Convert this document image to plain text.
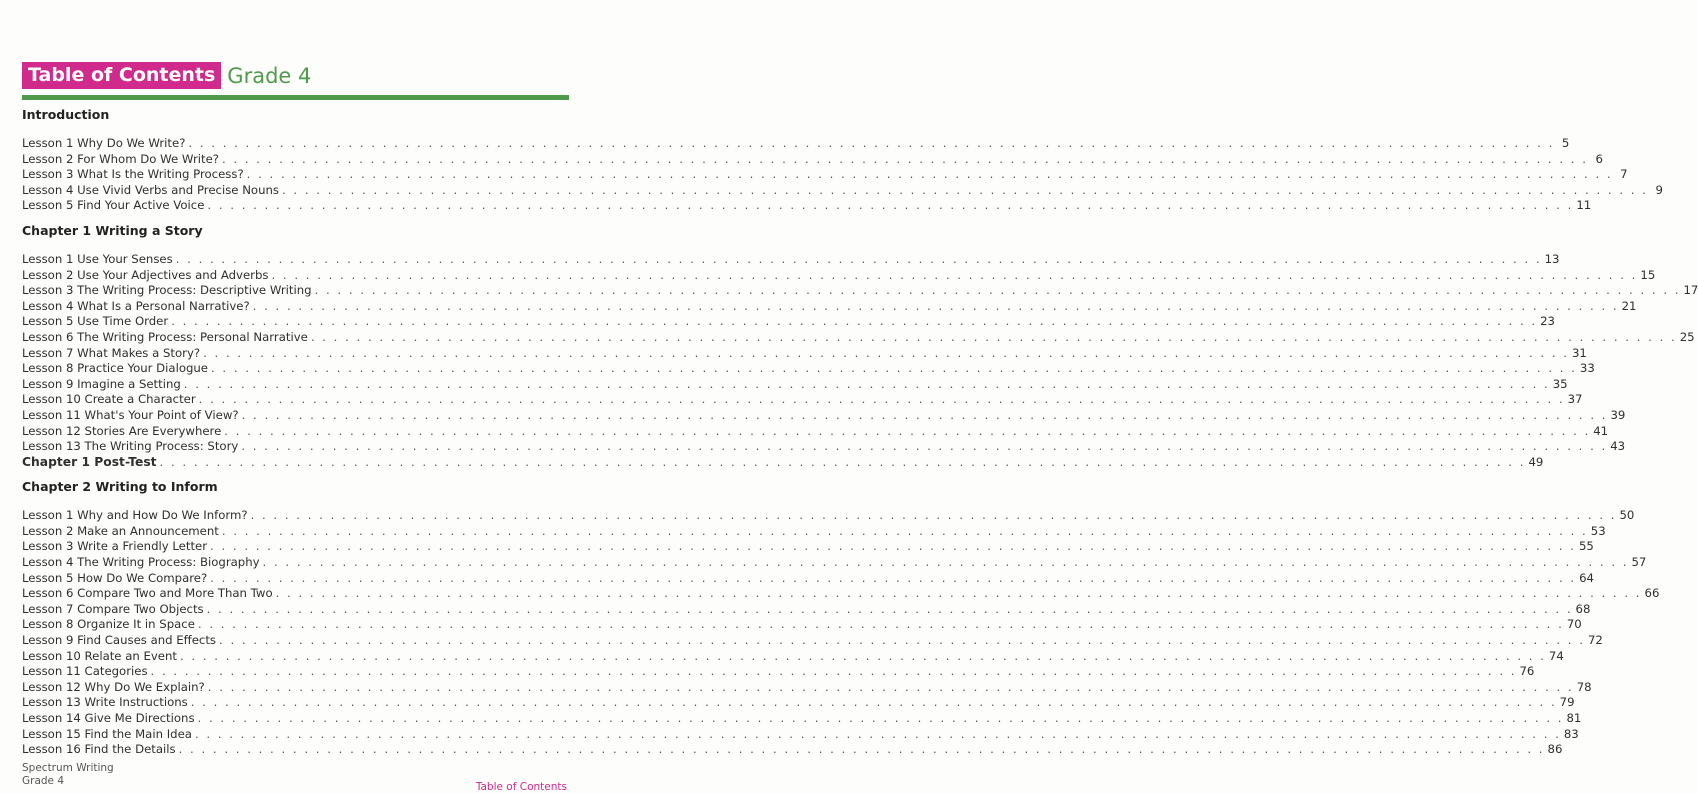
Table of Contents Grade 4
Introduction
Lesson 1 Why Do We Write? . . . . . . . . . . . . . . . . . . . . . . . . . . . . . . . . . . . . . . . . . . . . . . . . . . . . . . . . . . . . . . . . . . . . . . . . . . . . . . . . . . . . . . . . . . . . . . . . . . . . . . . . . . . . . . . . . . . . . . . . 5
Lesson 2 For Whom Do We Write? . . . . . . . . . . . . . . . . . . . . . . . . . . . . . . . . . . . . . . . . . . . . . . . . . . . . . . . . . . . . . . . . . . . . . . . . . . . . . . . . . . . . . . . . . . . . . . . . . . . . . . . . . . . . . . . . . . . . . . . . 6
Lesson 3 What Is the Writing Process? . . . . . . . . . . . . . . . . . . . . . . . . . . . . . . . . . . . . . . . . . . . . . . . . . . . . . . . . . . . . . . . . . . . . . . . . . . . . . . . . . . . . . . . . . . . . . . . . . . . . . . . . . . . . . . . . . . . . . . . . 7
Lesson 4 Use Vivid Verbs and Precise Nouns . . . . . . . . . . . . . . . . . . . . . . . . . . . . . . . . . . . . . . . . . . . . . . . . . . . . . . . . . . . . . . . . . . . . . . . . . . . . . . . . . . . . . . . . . . . . . . . . . . . . . . . . . . . . . . . . . . . . . . . . 9
Lesson 5 Find Your Active Voice . . . . . . . . . . . . . . . . . . . . . . . . . . . . . . . . . . . . . . . . . . . . . . . . . . . . . . . . . . . . . . . . . . . . . . . . . . . . . . . . . . . . . . . . . . . . . . . . . . . . . . . . . . . . . . . . . . . . . . . . 11
Chapter 1 Writing a Story
Lesson 1 Use Your Senses . . . . . . . . . . . . . . . . . . . . . . . . . . . . . . . . . . . . . . . . . . . . . . . . . . . . . . . . . . . . . . . . . . . . . . . . . . . . . . . . . . . . . . . . . . . . . . . . . . . . . . . . . . . . . . . . . . . . . . . . 13
Lesson 2 Use Your Adjectives and Adverbs . . . . . . . . . . . . . . . . . . . . . . . . . . . . . . . . . . . . . . . . . . . . . . . . . . . . . . . . . . . . . . . . . . . . . . . . . . . . . . . . . . . . . . . . . . . . . . . . . . . . . . . . . . . . . . . . . . . . . . . . 15
Lesson 3 The Writing Process: Descriptive Writing . . . . . . . . . . . . . . . . . . . . . . . . . . . . . . . . . . . . . . . . . . . . . . . . . . . . . . . . . . . . . . . . . . . . . . . . . . . . . . . . . . . . . . . . . . . . . . . . . . . . . . . . . . . . . . . . . . . . . . . . 17
Lesson 4 What Is a Personal Narrative? . . . . . . . . . . . . . . . . . . . . . . . . . . . . . . . . . . . . . . . . . . . . . . . . . . . . . . . . . . . . . . . . . . . . . . . . . . . . . . . . . . . . . . . . . . . . . . . . . . . . . . . . . . . . . . . . . . . . . . . . 21
Lesson 5 Use Time Order . . . . . . . . . . . . . . . . . . . . . . . . . . . . . . . . . . . . . . . . . . . . . . . . . . . . . . . . . . . . . . . . . . . . . . . . . . . . . . . . . . . . . . . . . . . . . . . . . . . . . . . . . . . . . . . . . . . . . . . . 23
Lesson 6 The Writing Process: Personal Narrative . . . . . . . . . . . . . . . . . . . . . . . . . . . . . . . . . . . . . . . . . . . . . . . . . . . . . . . . . . . . . . . . . . . . . . . . . . . . . . . . . . . . . . . . . . . . . . . . . . . . . . . . . . . . . . . . . . . . . . . . 25
Lesson 7 What Makes a Story? . . . . . . . . . . . . . . . . . . . . . . . . . . . . . . . . . . . . . . . . . . . . . . . . . . . . . . . . . . . . . . . . . . . . . . . . . . . . . . . . . . . . . . . . . . . . . . . . . . . . . . . . . . . . . . . . . . . . . . . . 31
Lesson 8 Practice Your Dialogue . . . . . . . . . . . . . . . . . . . . . . . . . . . . . . . . . . . . . . . . . . . . . . . . . . . . . . . . . . . . . . . . . . . . . . . . . . . . . . . . . . . . . . . . . . . . . . . . . . . . . . . . . . . . . . . . . . . . . . . . 33
Lesson 9 Imagine a Setting . . . . . . . . . . . . . . . . . . . . . . . . . . . . . . . . . . . . . . . . . . . . . . . . . . . . . . . . . . . . . . . . . . . . . . . . . . . . . . . . . . . . . . . . . . . . . . . . . . . . . . . . . . . . . . . . . . . . . . . . 35
Lesson 10 Create a Character . . . . . . . . . . . . . . . . . . . . . . . . . . . . . . . . . . . . . . . . . . . . . . . . . . . . . . . . . . . . . . . . . . . . . . . . . . . . . . . . . . . . . . . . . . . . . . . . . . . . . . . . . . . . . . . . . . . . . . . . 37
Lesson 11 What's Your Point of View? . . . . . . . . . . . . . . . . . . . . . . . . . . . . . . . . . . . . . . . . . . . . . . . . . . . . . . . . . . . . . . . . . . . . . . . . . . . . . . . . . . . . . . . . . . . . . . . . . . . . . . . . . . . . . . . . . . . . . . . . 39
Lesson 12 Stories Are Everywhere . . . . . . . . . . . . . . . . . . . . . . . . . . . . . . . . . . . . . . . . . . . . . . . . . . . . . . . . . . . . . . . . . . . . . . . . . . . . . . . . . . . . . . . . . . . . . . . . . . . . . . . . . . . . . . . . . . . . . . . . 41
Lesson 13 The Writing Process: Story . . . . . . . . . . . . . . . . . . . . . . . . . . . . . . . . . . . . . . . . . . . . . . . . . . . . . . . . . . . . . . . . . . . . . . . . . . . . . . . . . . . . . . . . . . . . . . . . . . . . . . . . . . . . . . . . . . . . . . . . 43
Chapter 1 Post-Test . . . . . . . . . . . . . . . . . . . . . . . . . . . . . . . . . . . . . . . . . . . . . . . . . . . . . . . . . . . . . . . . . . . . . . . . . . . . . . . . . . . . . . . . . . . . . . . . . . . . . . . . . . . . . . . . . . . . . . . . 49
Chapter 2 Writing to Inform
Lesson 1 Why and How Do We Inform? . . . . . . . . . . . . . . . . . . . . . . . . . . . . . . . . . . . . . . . . . . . . . . . . . . . . . . . . . . . . . . . . . . . . . . . . . . . . . . . . . . . . . . . . . . . . . . . . . . . . . . . . . . . . . . . . . . . . . . . . 50
Lesson 2 Make an Announcement . . . . . . . . . . . . . . . . . . . . . . . . . . . . . . . . . . . . . . . . . . . . . . . . . . . . . . . . . . . . . . . . . . . . . . . . . . . . . . . . . . . . . . . . . . . . . . . . . . . . . . . . . . . . . . . . . . . . . . . . 53
Lesson 3 Write a Friendly Letter . . . . . . . . . . . . . . . . . . . . . . . . . . . . . . . . . . . . . . . . . . . . . . . . . . . . . . . . . . . . . . . . . . . . . . . . . . . . . . . . . . . . . . . . . . . . . . . . . . . . . . . . . . . . . . . . . . . . . . . . 55
Lesson 4 The Writing Process: Biography . . . . . . . . . . . . . . . . . . . . . . . . . . . . . . . . . . . . . . . . . . . . . . . . . . . . . . . . . . . . . . . . . . . . . . . . . . . . . . . . . . . . . . . . . . . . . . . . . . . . . . . . . . . . . . . . . . . . . . . . 57
Lesson 5 How Do We Compare? . . . . . . . . . . . . . . . . . . . . . . . . . . . . . . . . . . . . . . . . . . . . . . . . . . . . . . . . . . . . . . . . . . . . . . . . . . . . . . . . . . . . . . . . . . . . . . . . . . . . . . . . . . . . . . . . . . . . . . . . 64
Lesson 6 Compare Two and More Than Two . . . . . . . . . . . . . . . . . . . . . . . . . . . . . . . . . . . . . . . . . . . . . . . . . . . . . . . . . . . . . . . . . . . . . . . . . . . . . . . . . . . . . . . . . . . . . . . . . . . . . . . . . . . . . . . . . . . . . . . . 66
Lesson 7 Compare Two Objects . . . . . . . . . . . . . . . . . . . . . . . . . . . . . . . . . . . . . . . . . . . . . . . . . . . . . . . . . . . . . . . . . . . . . . . . . . . . . . . . . . . . . . . . . . . . . . . . . . . . . . . . . . . . . . . . . . . . . . . . 68
Lesson 8 Organize It in Space . . . . . . . . . . . . . . . . . . . . . . . . . . . . . . . . . . . . . . . . . . . . . . . . . . . . . . . . . . . . . . . . . . . . . . . . . . . . . . . . . . . . . . . . . . . . . . . . . . . . . . . . . . . . . . . . . . . . . . . . 70
Lesson 9 Find Causes and Effects . . . . . . . . . . . . . . . . . . . . . . . . . . . . . . . . . . . . . . . . . . . . . . . . . . . . . . . . . . . . . . . . . . . . . . . . . . . . . . . . . . . . . . . . . . . . . . . . . . . . . . . . . . . . . . . . . . . . . . . . 72
Lesson 10 Relate an Event . . . . . . . . . . . . . . . . . . . . . . . . . . . . . . . . . . . . . . . . . . . . . . . . . . . . . . . . . . . . . . . . . . . . . . . . . . . . . . . . . . . . . . . . . . . . . . . . . . . . . . . . . . . . . . . . . . . . . . . . 74
Lesson 11 Categories . . . . . . . . . . . . . . . . . . . . . . . . . . . . . . . . . . . . . . . . . . . . . . . . . . . . . . . . . . . . . . . . . . . . . . . . . . . . . . . . . . . . . . . . . . . . . . . . . . . . . . . . . . . . . . . . . . . . . . . . 76
Lesson 12 Why Do We Explain? . . . . . . . . . . . . . . . . . . . . . . . . . . . . . . . . . . . . . . . . . . . . . . . . . . . . . . . . . . . . . . . . . . . . . . . . . . . . . . . . . . . . . . . . . . . . . . . . . . . . . . . . . . . . . . . . . . . . . . . . 78
Lesson 13 Write Instructions . . . . . . . . . . . . . . . . . . . . . . . . . . . . . . . . . . . . . . . . . . . . . . . . . . . . . . . . . . . . . . . . . . . . . . . . . . . . . . . . . . . . . . . . . . . . . . . . . . . . . . . . . . . . . . . . . . . . . . . . 79
Lesson 14 Give Me Directions . . . . . . . . . . . . . . . . . . . . . . . . . . . . . . . . . . . . . . . . . . . . . . . . . . . . . . . . . . . . . . . . . . . . . . . . . . . . . . . . . . . . . . . . . . . . . . . . . . . . . . . . . . . . . . . . . . . . . . . . 81
Lesson 15 Find the Main Idea . . . . . . . . . . . . . . . . . . . . . . . . . . . . . . . . . . . . . . . . . . . . . . . . . . . . . . . . . . . . . . . . . . . . . . . . . . . . . . . . . . . . . . . . . . . . . . . . . . . . . . . . . . . . . . . . . . . . . . . . 83
Lesson 16 Find the Details . . . . . . . . . . . . . . . . . . . . . . . . . . . . . . . . . . . . . . . . . . . . . . . . . . . . . . . . . . . . . . . . . . . . . . . . . . . . . . . . . . . . . . . . . . . . . . . . . . . . . . . . . . . . . . . . . . . . . . . . 86
Spectrum Writing
Grade 4	Table of Contents
